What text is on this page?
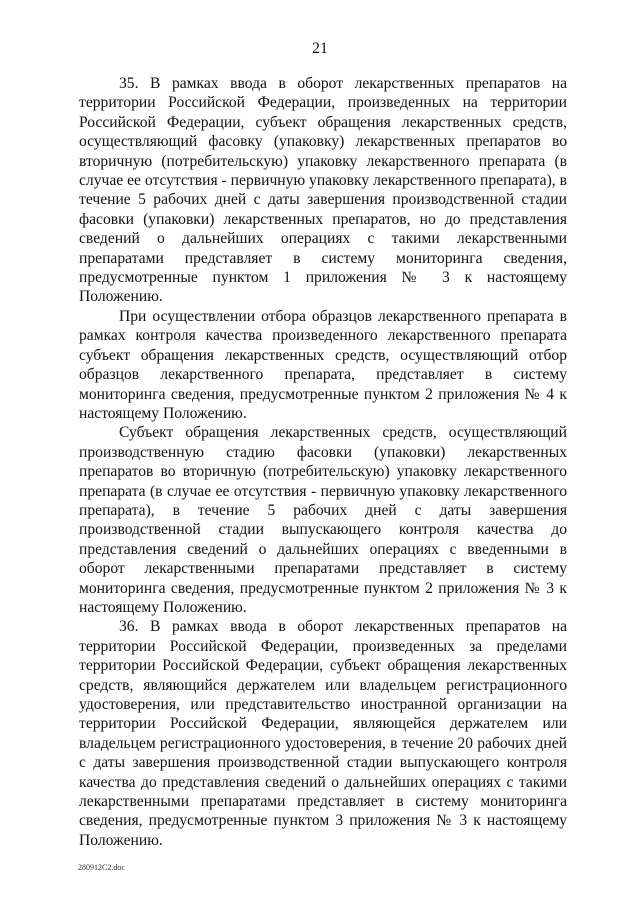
21

35. В рамках ввода в оборот лекарственных препаратов на территории Российской Федерации, произведенных на территории Российской Федерации, субъект обращения лекарственных средств, осуществляющий фасовку (упаковку) лекарственных препаратов во вторичную (потребительскую) упаковку лекарственного препарата (в случае ее отсутствия - первичную упаковку лекарственного препарата), в течение 5 рабочих дней с даты завершения производственной стадии фасовки (упаковки) лекарственных препаратов, но до представления сведений о дальнейших операциях с такими лекарственными препаратами представляет в систему мониторинга сведения, предусмотренные пунктом 1 приложения № 3 к настоящему Положению.

При осуществлении отбора образцов лекарственного препарата в рамках контроля качества произведенного лекарственного препарата субъект обращения лекарственных средств, осуществляющий отбор образцов лекарственного препарата, представляет в систему мониторинга сведения, предусмотренные пунктом 2 приложения № 4 к настоящему Положению.

Субъект обращения лекарственных средств, осуществляющий производственную стадию фасовки (упаковки) лекарственных препаратов во вторичную (потребительскую) упаковку лекарственного препарата (в случае ее отсутствия - первичную упаковку лекарственного препарата), в течение 5 рабочих дней с даты завершения производственной стадии выпускающего контроля качества до представления сведений о дальнейших операциях с введенными в оборот лекарственными препаратами представляет в систему мониторинга сведения, предусмотренные пунктом 2 приложения № 3 к настоящему Положению.

36. В рамках ввода в оборот лекарственных препаратов на территории Российской Федерации, произведенных за пределами территории Российской Федерации, субъект обращения лекарственных средств, являющийся держателем или владельцем регистрационного удостоверения, или представительство иностранной организации на территории Российской Федерации, являющейся держателем или владельцем регистрационного удостоверения, в течение 20 рабочих дней с даты завершения производственной стадии выпускающего контроля качества до представления сведений о дальнейших операциях с такими лекарственными препаратами представляет в систему мониторинга сведения, предусмотренные пунктом 3 приложения № 3 к настоящему Положению.

280912C2.doc
